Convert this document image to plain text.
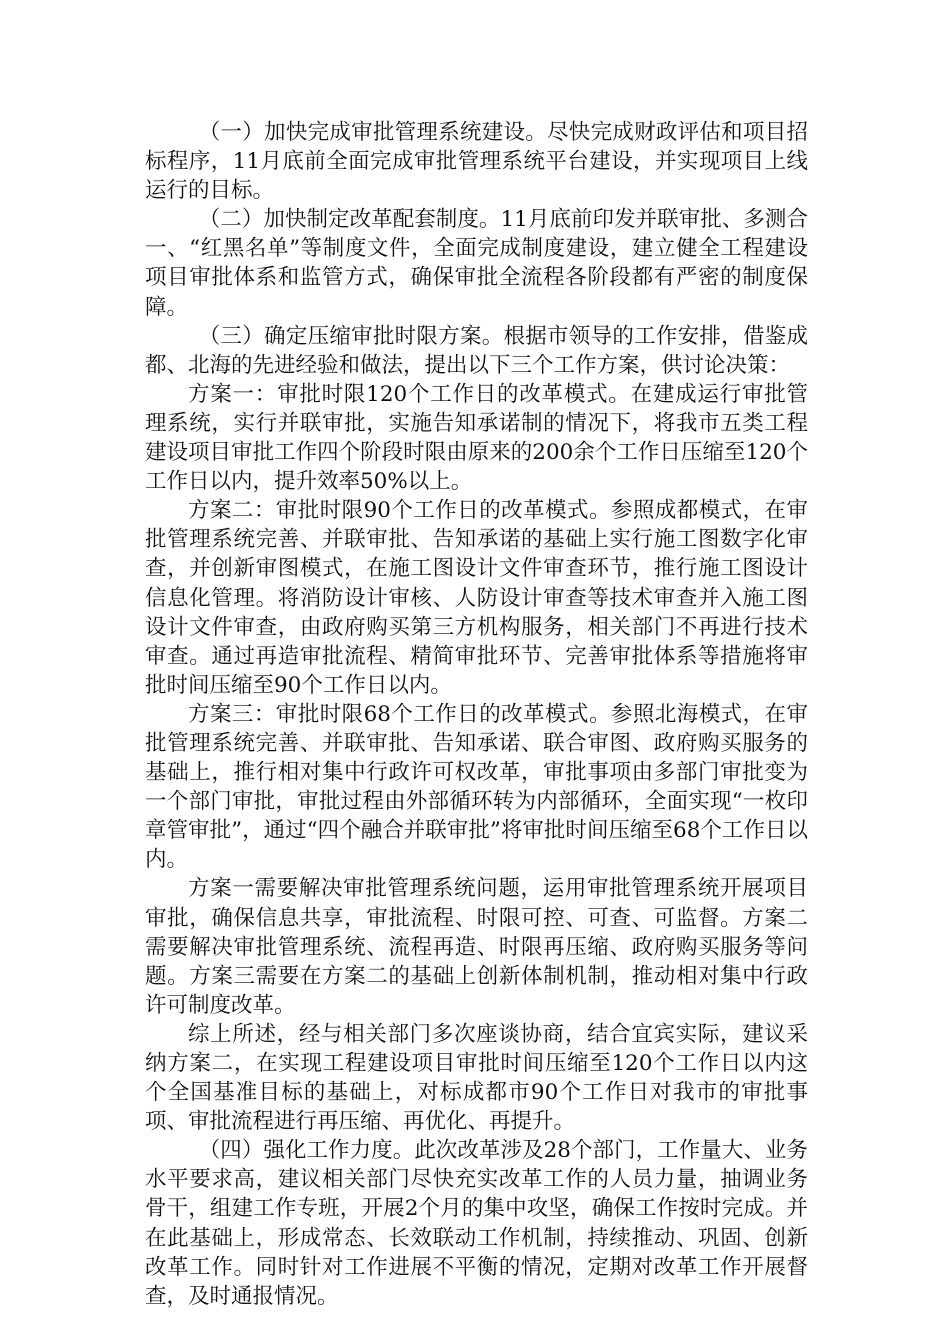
（一）加快完成审批管理系统建设。尽快完成财政评估和项目招标程序，11月底前全面完成审批管理系统平台建设，并实现项目上线运行的目标。

（二）加快制定改革配套制度。11月底前印发并联审批、多测合一、“红黑名单”等制度文件，全面完成制度建设，建立健全工程建设项目审批体系和监管方式，确保审批全流程各阶段都有严密的制度保障。

（三）确定压缩审批时限方案。根据市领导的工作安排，借鉴成都、北海的先进经验和做法，提出以下三个工作方案，供讨论决策：

方案一：审批时限120个工作日的改革模式。在建成运行审批管理系统，实行并联审批，实施告知承诺制的情况下，将我市五类工程建设项目审批工作四个阶段时限由原来的200余个工作日压缩至120个工作日以内，提升效率50%以上。

方案二：审批时限90个工作日的改革模式。参照成都模式，在审批管理系统完善、并联审批、告知承诺的基础上实行施工图数字化审查，并创新审图模式，在施工图设计文件审查环节，推行施工图设计信息化管理。将消防设计审核、人防设计审查等技术审查并入施工图设计文件审查，由政府购买第三方机构服务，相关部门不再进行技术审查。通过再造审批流程、精简审批环节、完善审批体系等措施将审批时间压缩至90个工作日以内。

方案三：审批时限68个工作日的改革模式。参照北海模式，在审批管理系统完善、并联审批、告知承诺、联合审图、政府购买服务的基础上，推行相对集中行政许可权改革，审批事项由多部门审批变为一个部门审批，审批过程由外部循环转为内部循环，全面实现“一枚印章管审批”，通过“四个融合并联审批”将审批时间压缩至68个工作日以内。

方案一需要解决审批管理系统问题，运用审批管理系统开展项目审批，确保信息共享，审批流程、时限可控、可查、可监督。方案二需要解决审批管理系统、流程再造、时限再压缩、政府购买服务等问题。方案三需要在方案二的基础上创新体制机制，推动相对集中行政许可制度改革。

综上所述，经与相关部门多次座谈协商，结合宜宾实际，建议采纳方案二，在实现工程建设项目审批时间压缩至120个工作日以内这个全国基准目标的基础上，对标成都市90个工作日对我市的审批事项、审批流程进行再压缩、再优化、再提升。

（四）强化工作力度。此次改革涉及28个部门，工作量大、业务水平要求高，建议相关部门尽快充实改革工作的人员力量，抽调业务骨干，组建工作专班，开展2个月的集中攻坚，确保工作按时完成。并在此基础上，形成常态、长效联动工作机制，持续推动、巩固、创新改革工作。同时针对工作进展不平衡的情况，定期对改革工作开展督查，及时通报情况。
